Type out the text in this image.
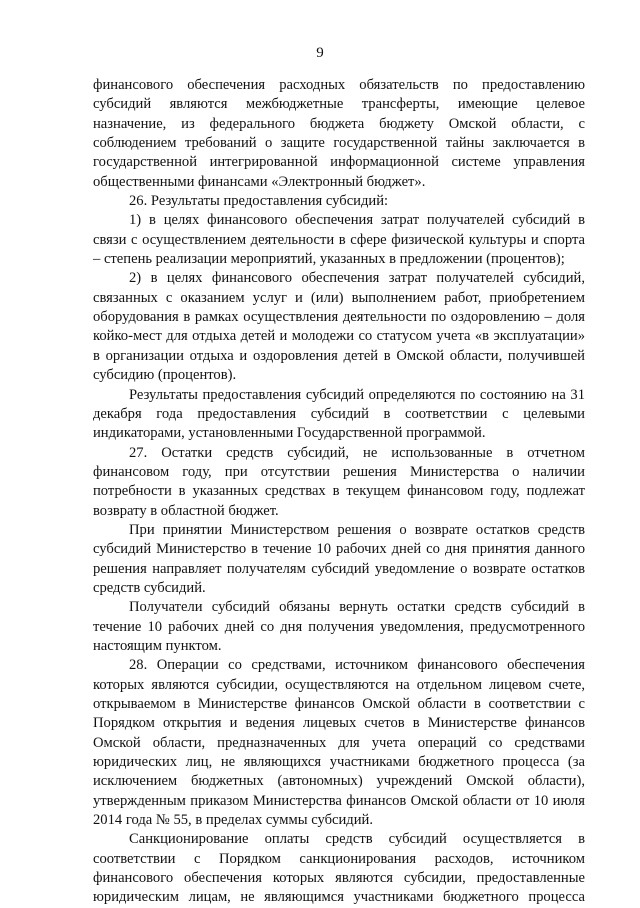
9

финансового обеспечения расходных обязательств по предоставлению субсидий являются межбюджетные трансферты, имеющие целевое назначение, из федерального бюджета бюджету Омской области, с соблюдением требований о защите государственной тайны заключается в государственной интегрированной информационной системе управления общественными финансами «Электронный бюджет».

26. Результаты предоставления субсидий:

1) в целях финансового обеспечения затрат получателей субсидий в связи с осуществлением деятельности в сфере физической культуры и спорта – степень реализации мероприятий, указанных в предложении (процентов);

2) в целях финансового обеспечения затрат получателей субсидий, связанных с оказанием услуг и (или) выполнением работ, приобретением оборудования в рамках осуществления деятельности по оздоровлению – доля койко-мест для отдыха детей и молодежи со статусом учета «в эксплуатации» в организации отдыха и оздоровления детей в Омской области, получившей субсидию (процентов).

Результаты предоставления субсидий определяются по состоянию на 31 декабря года предоставления субсидий в соответствии с целевыми индикаторами, установленными Государственной программой.

27. Остатки средств субсидий, не использованные в отчетном финансовом году, при отсутствии решения Министерства о наличии потребности в указанных средствах в текущем финансовом году, подлежат возврату в областной бюджет.

При принятии Министерством решения о возврате остатков средств субсидий Министерство в течение 10 рабочих дней со дня принятия данного решения направляет получателям субсидий уведомление о возврате остатков средств субсидий.

Получатели субсидий обязаны вернуть остатки средств субсидий в течение 10 рабочих дней со дня получения уведомления, предусмотренного настоящим пунктом.

28. Операции со средствами, источником финансового обеспечения которых являются субсидии, осуществляются на отдельном лицевом счете, открываемом в Министерстве финансов Омской области в соответствии с Порядком открытия и ведения лицевых счетов в Министерстве финансов Омской области, предназначенных для учета операций со средствами юридических лиц, не являющихся участниками бюджетного процесса (за исключением бюджетных (автономных) учреждений Омской области), утвержденным приказом Министерства финансов Омской области от 10 июля 2014 года № 55, в пределах суммы субсидий.

Санкционирование оплаты средств субсидий осуществляется в соответствии с Порядком санкционирования расходов, источником финансового обеспечения которых являются субсидии, предоставленные юридическим лицам, не являющимся участниками бюджетного процесса
